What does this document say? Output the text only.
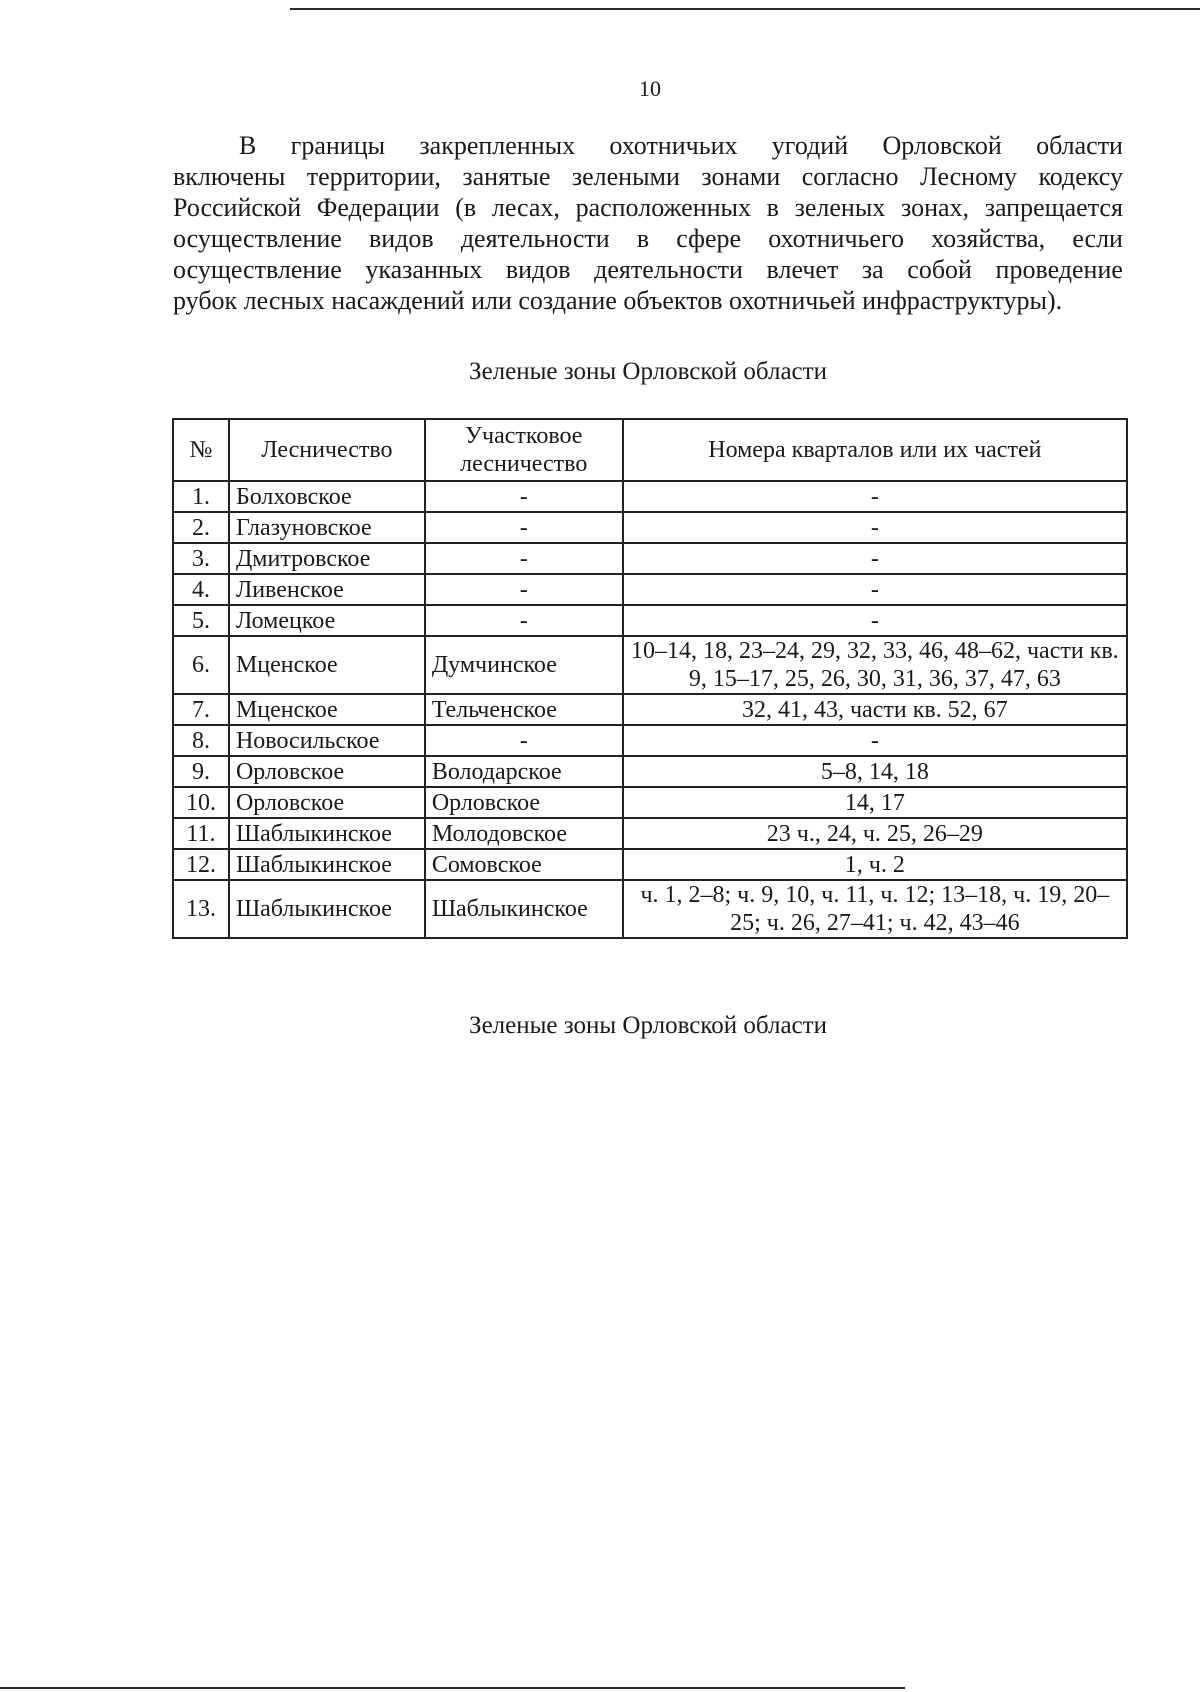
10
В границы закрепленных охотничьих угодий Орловской области
включены территории, занятые зелеными зонами согласно Лесному кодексу
Российской Федерации (в лесах, расположенных в зеленых зонах, запрещается
осуществление видов деятельности в сфере охотничьего хозяйства, если
осуществление указанных видов деятельности влечет за собой проведение
рубок лесных насаждений или создание объектов охотничьей инфраструктуры).
Зеленые зоны Орловской области
№	Лесничество	Участковое лесничество	Номера кварталов или их частей
1.	Болховское	-	-
2.	Глазуновское	-	-
3.	Дмитровское	-	-
4.	Ливенское	-	-
5.	Ломецкое	-	-
6.	Мценское	Думчинское	10–14, 18, 23–24, 29, 32, 33, 46, 48–62, части кв. 9, 15–17, 25, 26, 30, 31, 36, 37, 47, 63
7.	Мценское	Тельченское	32, 41, 43, части кв. 52, 67
8.	Новосильское	-	-
9.	Орловское	Володарское	5–8, 14, 18
10.	Орловское	Орловское	14, 17
11.	Шаблыкинское	Молодовское	23 ч., 24, ч. 25, 26–29
12.	Шаблыкинское	Сомовское	1, ч. 2
13.	Шаблыкинское	Шаблыкинское	ч. 1, 2–8; ч. 9, 10, ч. 11, ч. 12; 13–18, ч. 19, 20–25; ч. 26, 27–41; ч. 42, 43–46
Зеленые зоны Орловской области
